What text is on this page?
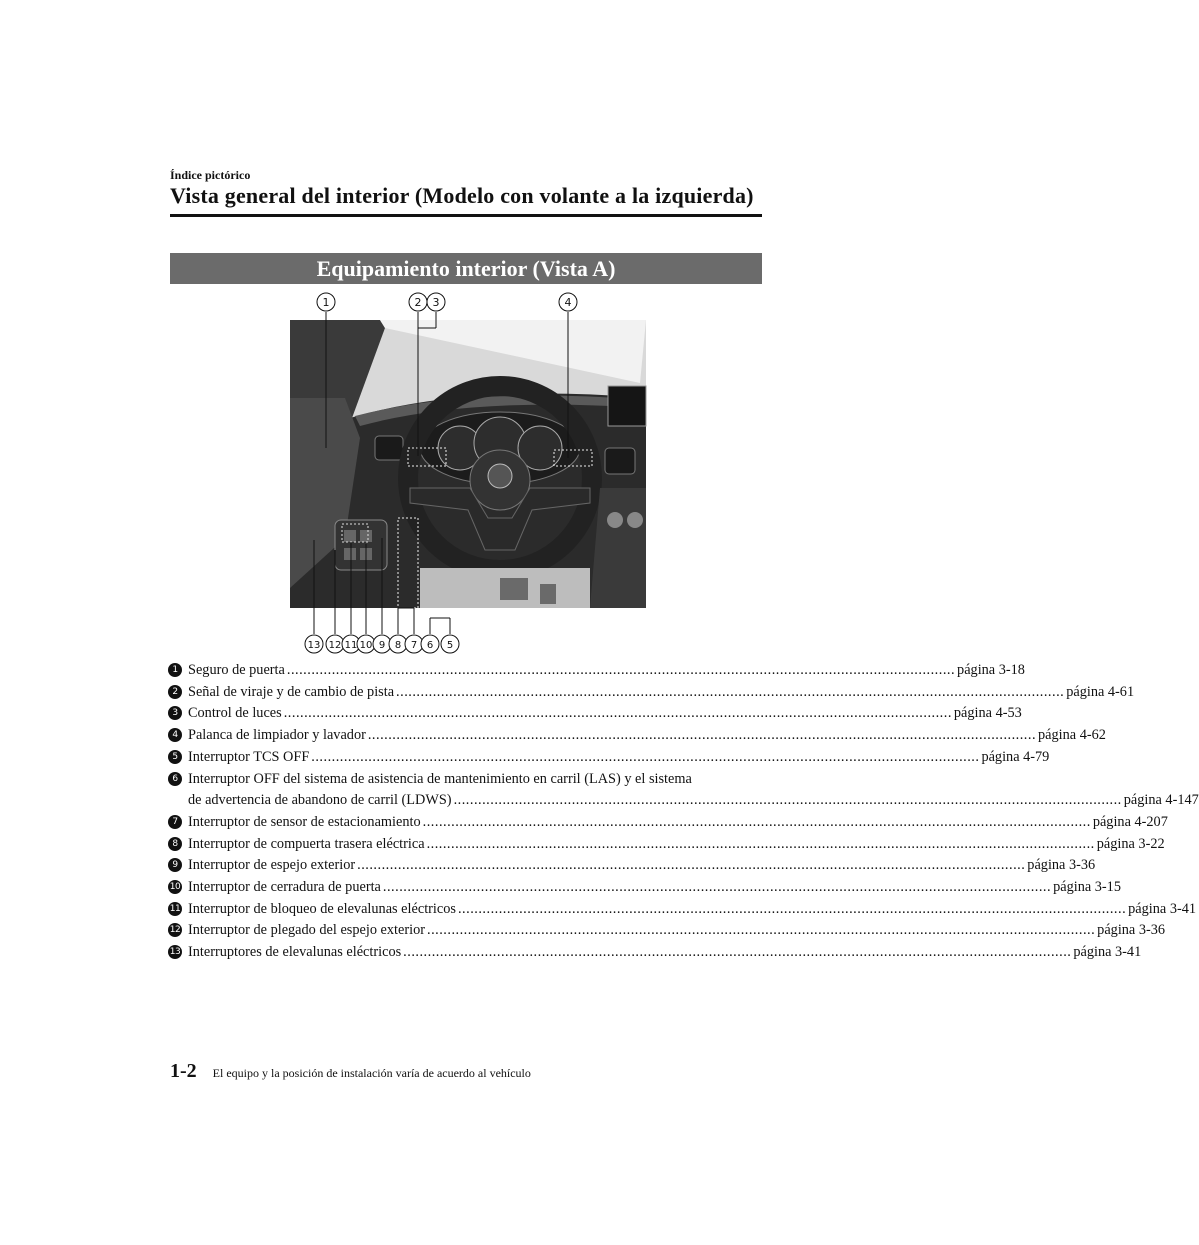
Índice pictórico
Vista general del interior (Modelo con volante a la izquierda)
Equipamiento interior (Vista A)
1	2 3	4
13 12 11 10 9 8 7 6 5
1 Seguro de puerta .................................................................................................................................................................... página 3-18
2 Señal de viraje y de cambio de pista .................................................................................................................................................................... página 4-61
3 Control de luces .................................................................................................................................................................... página 4-53
4 Palanca de limpiador y lavador .................................................................................................................................................................... página 4-62
5 Interruptor TCS OFF .................................................................................................................................................................... página 4-79
6 Interruptor OFF del sistema de asistencia de mantenimiento en carril (LAS) y el sistema
de advertencia de abandono de carril (LDWS) .................................................................................................................................................................... página 4-147
7 Interruptor de sensor de estacionamiento .................................................................................................................................................................... página 4-207
8 Interruptor de compuerta trasera eléctrica .................................................................................................................................................................... página 3-22
9 Interruptor de espejo exterior .................................................................................................................................................................... página 3-36
10 Interruptor de cerradura de puerta .................................................................................................................................................................... página 3-15
11 Interruptor de bloqueo de elevalunas eléctricos .................................................................................................................................................................... página 3-41
12 Interruptor de plegado del espejo exterior .................................................................................................................................................................... página 3-36
13 Interruptores de elevalunas eléctricos .................................................................................................................................................................... página 3-41
1-2 El equipo y la posición de instalación varía de acuerdo al vehículo
